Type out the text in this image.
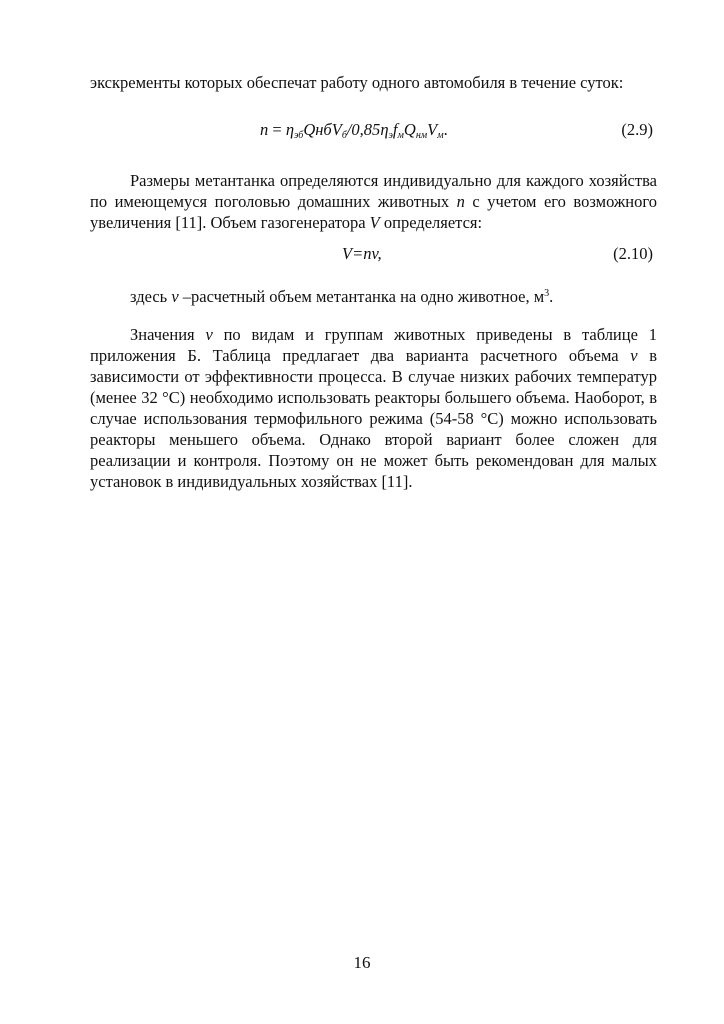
экскременты которых обеспечат работу одного автомобиля в течение суток:
$n = \eta_{эб}QнбV_б/0,85\eta_эf_мQ_{нм}V_м$.	(2.9)
Размеры метантанка определяются индивидуально для каждого хозяйства по имеющемуся поголовью домашних животных n с учетом его возможного увеличения [11]. Объем газогенератора V определяется:
V=nv,	(2.10)
здесь v –расчетный объем метантанка на одно животное, $м^3$.
Значения v по видам и группам животных приведены в таблице 1 приложения Б. Таблица предлагает два варианта расчетного объема v в зависимости от эффективности процесса. В случае низких рабочих температур (менее 32 °С) необходимо использовать реакторы большего объема. Наоборот, в случае использования термофильного режима (54-58 °С) можно использовать реакторы меньшего объема. Однако второй вариант более сложен для реализации и контроля. Поэтому он не может быть рекомендован для малых установок в индивидуальных хозяйствах [11].
16
